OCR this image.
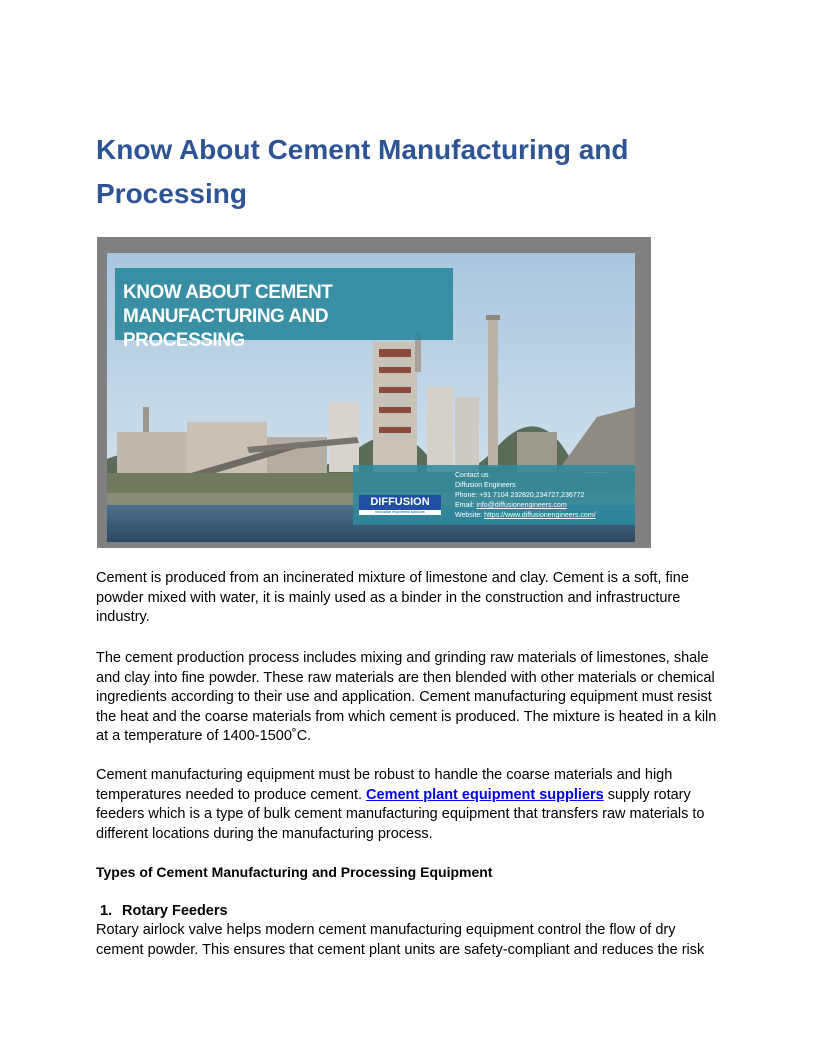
Know About Cement Manufacturing and Processing
KNOW ABOUT CEMENT
MANUFACTURING AND PROCESSING
DIFFUSION
Innovative engineered solutions
Contact us
Diffusion Engineers
Phone: +91 7104 232820,234727,236772
Email: info@diffusionengineers.com
Website: https://www.diffusionengineers.com/

Cement is produced from an incinerated mixture of limestone and clay. Cement is a soft, fine powder mixed with water, it is mainly used as a binder in the construction and infrastructure industry.

The cement production process includes mixing and grinding raw materials of limestones, shale and clay into fine powder. These raw materials are then blended with other materials or chemical ingredients according to their use and application. Cement manufacturing equipment must resist the heat and the coarse materials from which cement is produced. The mixture is heated in a kiln at a temperature of 1400-1500˚C.

Cement manufacturing equipment must be robust to handle the coarse materials and high temperatures needed to produce cement. Cement plant equipment suppliers supply rotary feeders which is a type of bulk cement manufacturing equipment that transfers raw materials to different locations during the manufacturing process.

Types of Cement Manufacturing and Processing Equipment

1. Rotary Feeders

Rotary airlock valve helps modern cement manufacturing equipment control the flow of dry cement powder. This ensures that cement plant units are safety-compliant and reduces the risk
